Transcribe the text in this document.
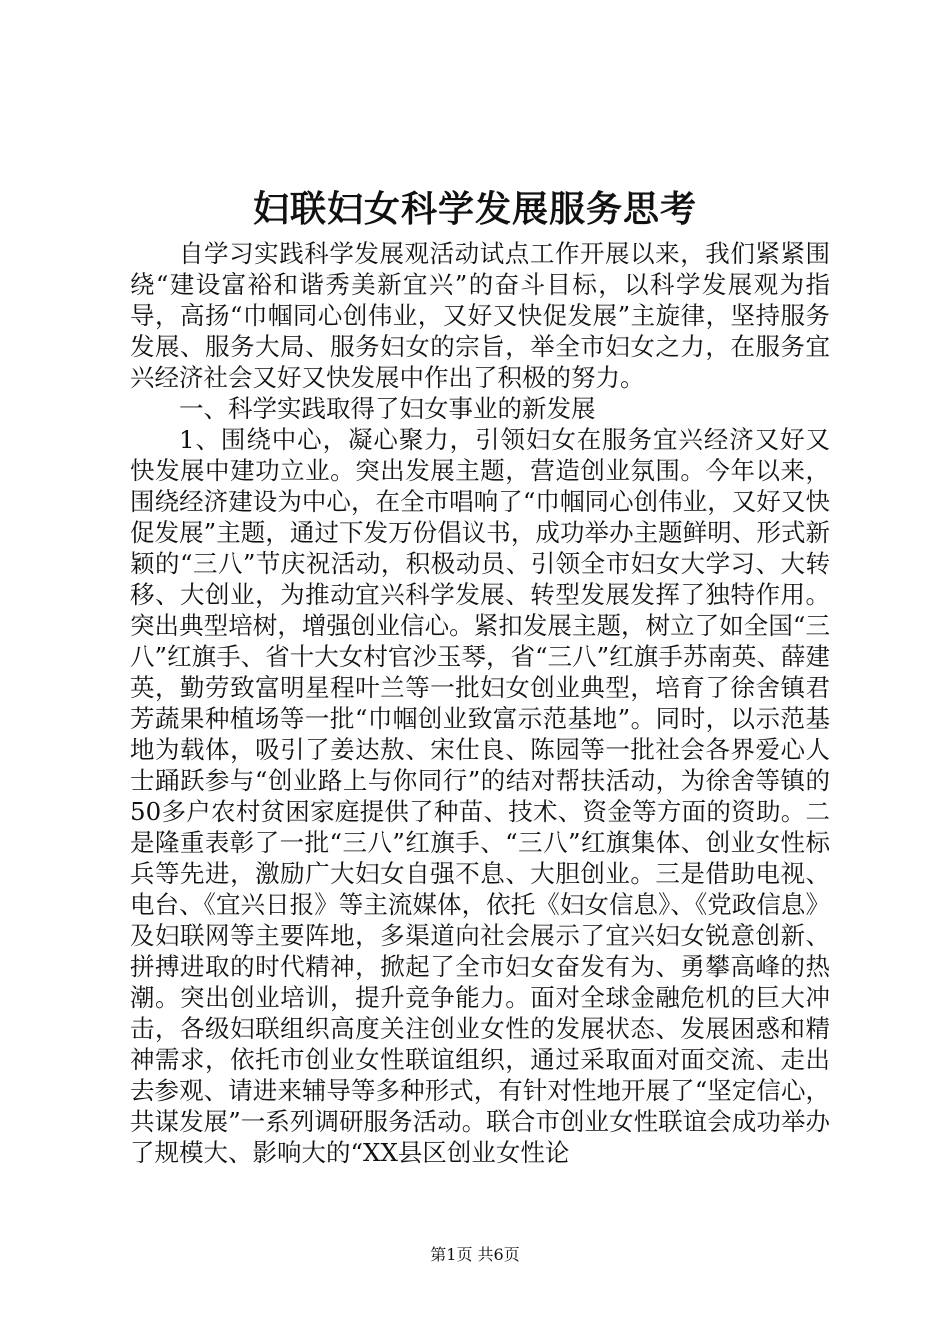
妇联妇女科学发展服务思考

自学习实践科学发展观活动试点工作开展以来，我们紧紧围绕“建设富裕和谐秀美新宜兴”的奋斗目标，以科学发展观为指导，高扬“巾帼同心创伟业，又好又快促发展”主旋律，坚持服务发展、服务大局、服务妇女的宗旨，举全市妇女之力，在服务宜兴经济社会又好又快发展中作出了积极的努力。

一、科学实践取得了妇女事业的新发展

1、围绕中心，凝心聚力，引领妇女在服务宜兴经济又好又快发展中建功立业。突出发展主题，营造创业氛围。今年以来，围绕经济建设为中心，在全市唱响了“巾帼同心创伟业，又好又快促发展”主题，通过下发万份倡议书，成功举办主题鲜明、形式新颖的“三八”节庆祝活动，积极动员、引领全市妇女大学习、大转移、大创业，为推动宜兴科学发展、转型发展发挥了独特作用。突出典型培树，增强创业信心。紧扣发展主题，树立了如全国“三八”红旗手、省十大女村官沙玉琴，省“三八”红旗手苏南英、薛建英，勤劳致富明星程叶兰等一批妇女创业典型，培育了徐舍镇君芳蔬果种植场等一批“巾帼创业致富示范基地”。同时，以示范基地为载体，吸引了姜达敖、宋仕良、陈园等一批社会各界爱心人士踊跃参与“创业路上与你同行”的结对帮扶活动，为徐舍等镇的50多户农村贫困家庭提供了种苗、技术、资金等方面的资助。二是隆重表彰了一批“三八”红旗手、“三八”红旗集体、创业女性标兵等先进，激励广大妇女自强不息、大胆创业。三是借助电视、电台、《宜兴日报》等主流媒体，依托《妇女信息》、《党政信息》及妇联网等主要阵地，多渠道向社会展示了宜兴妇女锐意创新、拼搏进取的时代精神，掀起了全市妇女奋发有为、勇攀高峰的热潮。突出创业培训，提升竞争能力。面对全球金融危机的巨大冲击，各级妇联组织高度关注创业女性的发展状态、发展困惑和精神需求，依托市创业女性联谊组织，通过采取面对面交流、走出去参观、请进来辅导等多种形式，有针对性地开展了“坚定信心，共谋发展”一系列调研服务活动。联合市创业女性联谊会成功举办了规模大、影响大的“XX县区创业女性论

第1页 共6页
